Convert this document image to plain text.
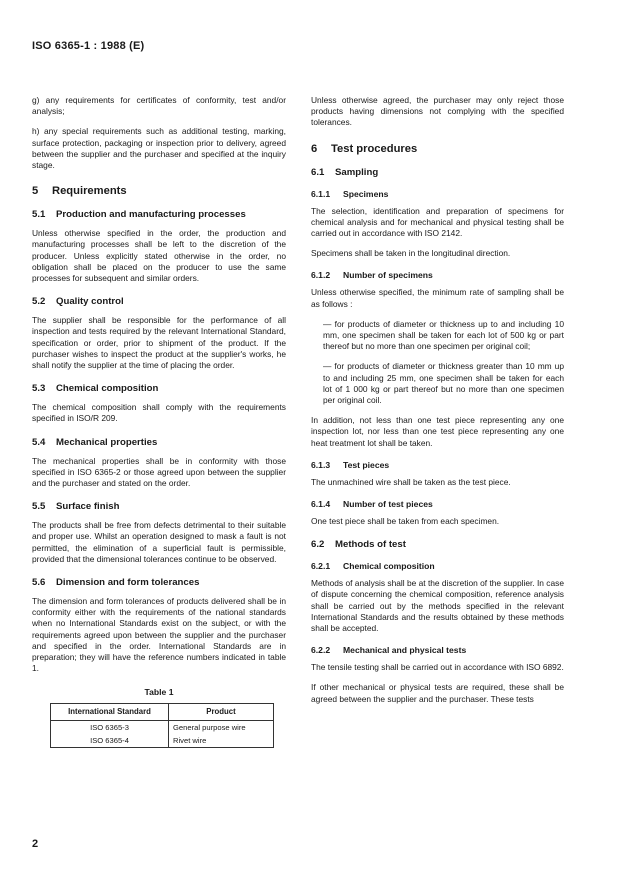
ISO 6365-1 : 1988 (E)

g) any requirements for certificates of conformity, test and/or analysis;

h) any special requirements such as additional testing, marking, surface protection, packaging or inspection prior to delivery, agreed between the supplier and the purchaser and specified at the inquiry stage.

5 Requirements
5.1 Production and manufacturing processes

Unless otherwise specified in the order, the production and manufacturing processes shall be left to the discretion of the producer. Unless explicitly stated otherwise in the order, no obligation shall be placed on the producer to use the same processes for subsequent and similar orders.

5.2 Quality control

The supplier shall be responsible for the performance of all inspection and tests required by the relevant International Standard, specification or order, prior to shipment of the product. If the purchaser wishes to inspect the product at the supplier's works, he shall notify the supplier at the time of placing the order.

5.3 Chemical composition

The chemical composition shall comply with the requirements specified in ISO/R 209.

5.4 Mechanical properties

The mechanical properties shall be in conformity with those specified in ISO 6365-2 or those agreed upon between the supplier and the purchaser and stated on the order.

5.5 Surface finish

The products shall be free from defects detrimental to their suitable and proper use. Whilst an operation designed to mask a fault is not permitted, the elimination of a superficial fault is permissible, provided that the dimensional tolerances continue to be observed.

5.6 Dimension and form tolerances

The dimension and form tolerances of products delivered shall be in conformity either with the requirements of the national standards when no International Standards exist on the subject, or with the requirements agreed upon between the supplier and the purchaser and specified in the order. International Standards are in preparation; they will have the reference numbers indicated in table 1.

Table 1
International Standard	Product
ISO 6365-3	General purpose wire
ISO 6365-4	Rivet wire

Unless otherwise agreed, the purchaser may only reject those products having dimensions not complying with the specified tolerances.

6 Test procedures
6.1 Sampling
6.1.1 Specimens

The selection, identification and preparation of specimens for chemical analysis and for mechanical and physical testing shall be carried out in accordance with ISO 2142.

Specimens shall be taken in the longitudinal direction.

6.1.2 Number of specimens

Unless otherwise specified, the minimum rate of sampling shall be as follows :

— for products of diameter or thickness up to and including 10 mm, one specimen shall be taken for each lot of 500 kg or part thereof but no more than one specimen per original coil;

— for products of diameter or thickness greater than 10 mm up to and including 25 mm, one specimen shall be taken for each lot of 1 000 kg or part thereof but no more than one specimen per original coil.

In addition, not less than one test piece representing any one inspection lot, nor less than one test piece representing any one heat treatment lot shall be taken.

6.1.3 Test pieces

The unmachined wire shall be taken as the test piece.

6.1.4 Number of test pieces

One test piece shall be taken from each specimen.

6.2 Methods of test
6.2.1 Chemical composition

Methods of analysis shall be at the discretion of the supplier. In case of dispute concerning the chemical composition, reference analysis shall be carried out by the methods specified in the relevant International Standards and the results obtained by these methods shall be accepted.

6.2.2 Mechanical and physical tests

The tensile testing shall be carried out in accordance with ISO 6892.

If other mechanical or physical tests are required, these shall be agreed between the supplier and the purchaser. These tests

2
